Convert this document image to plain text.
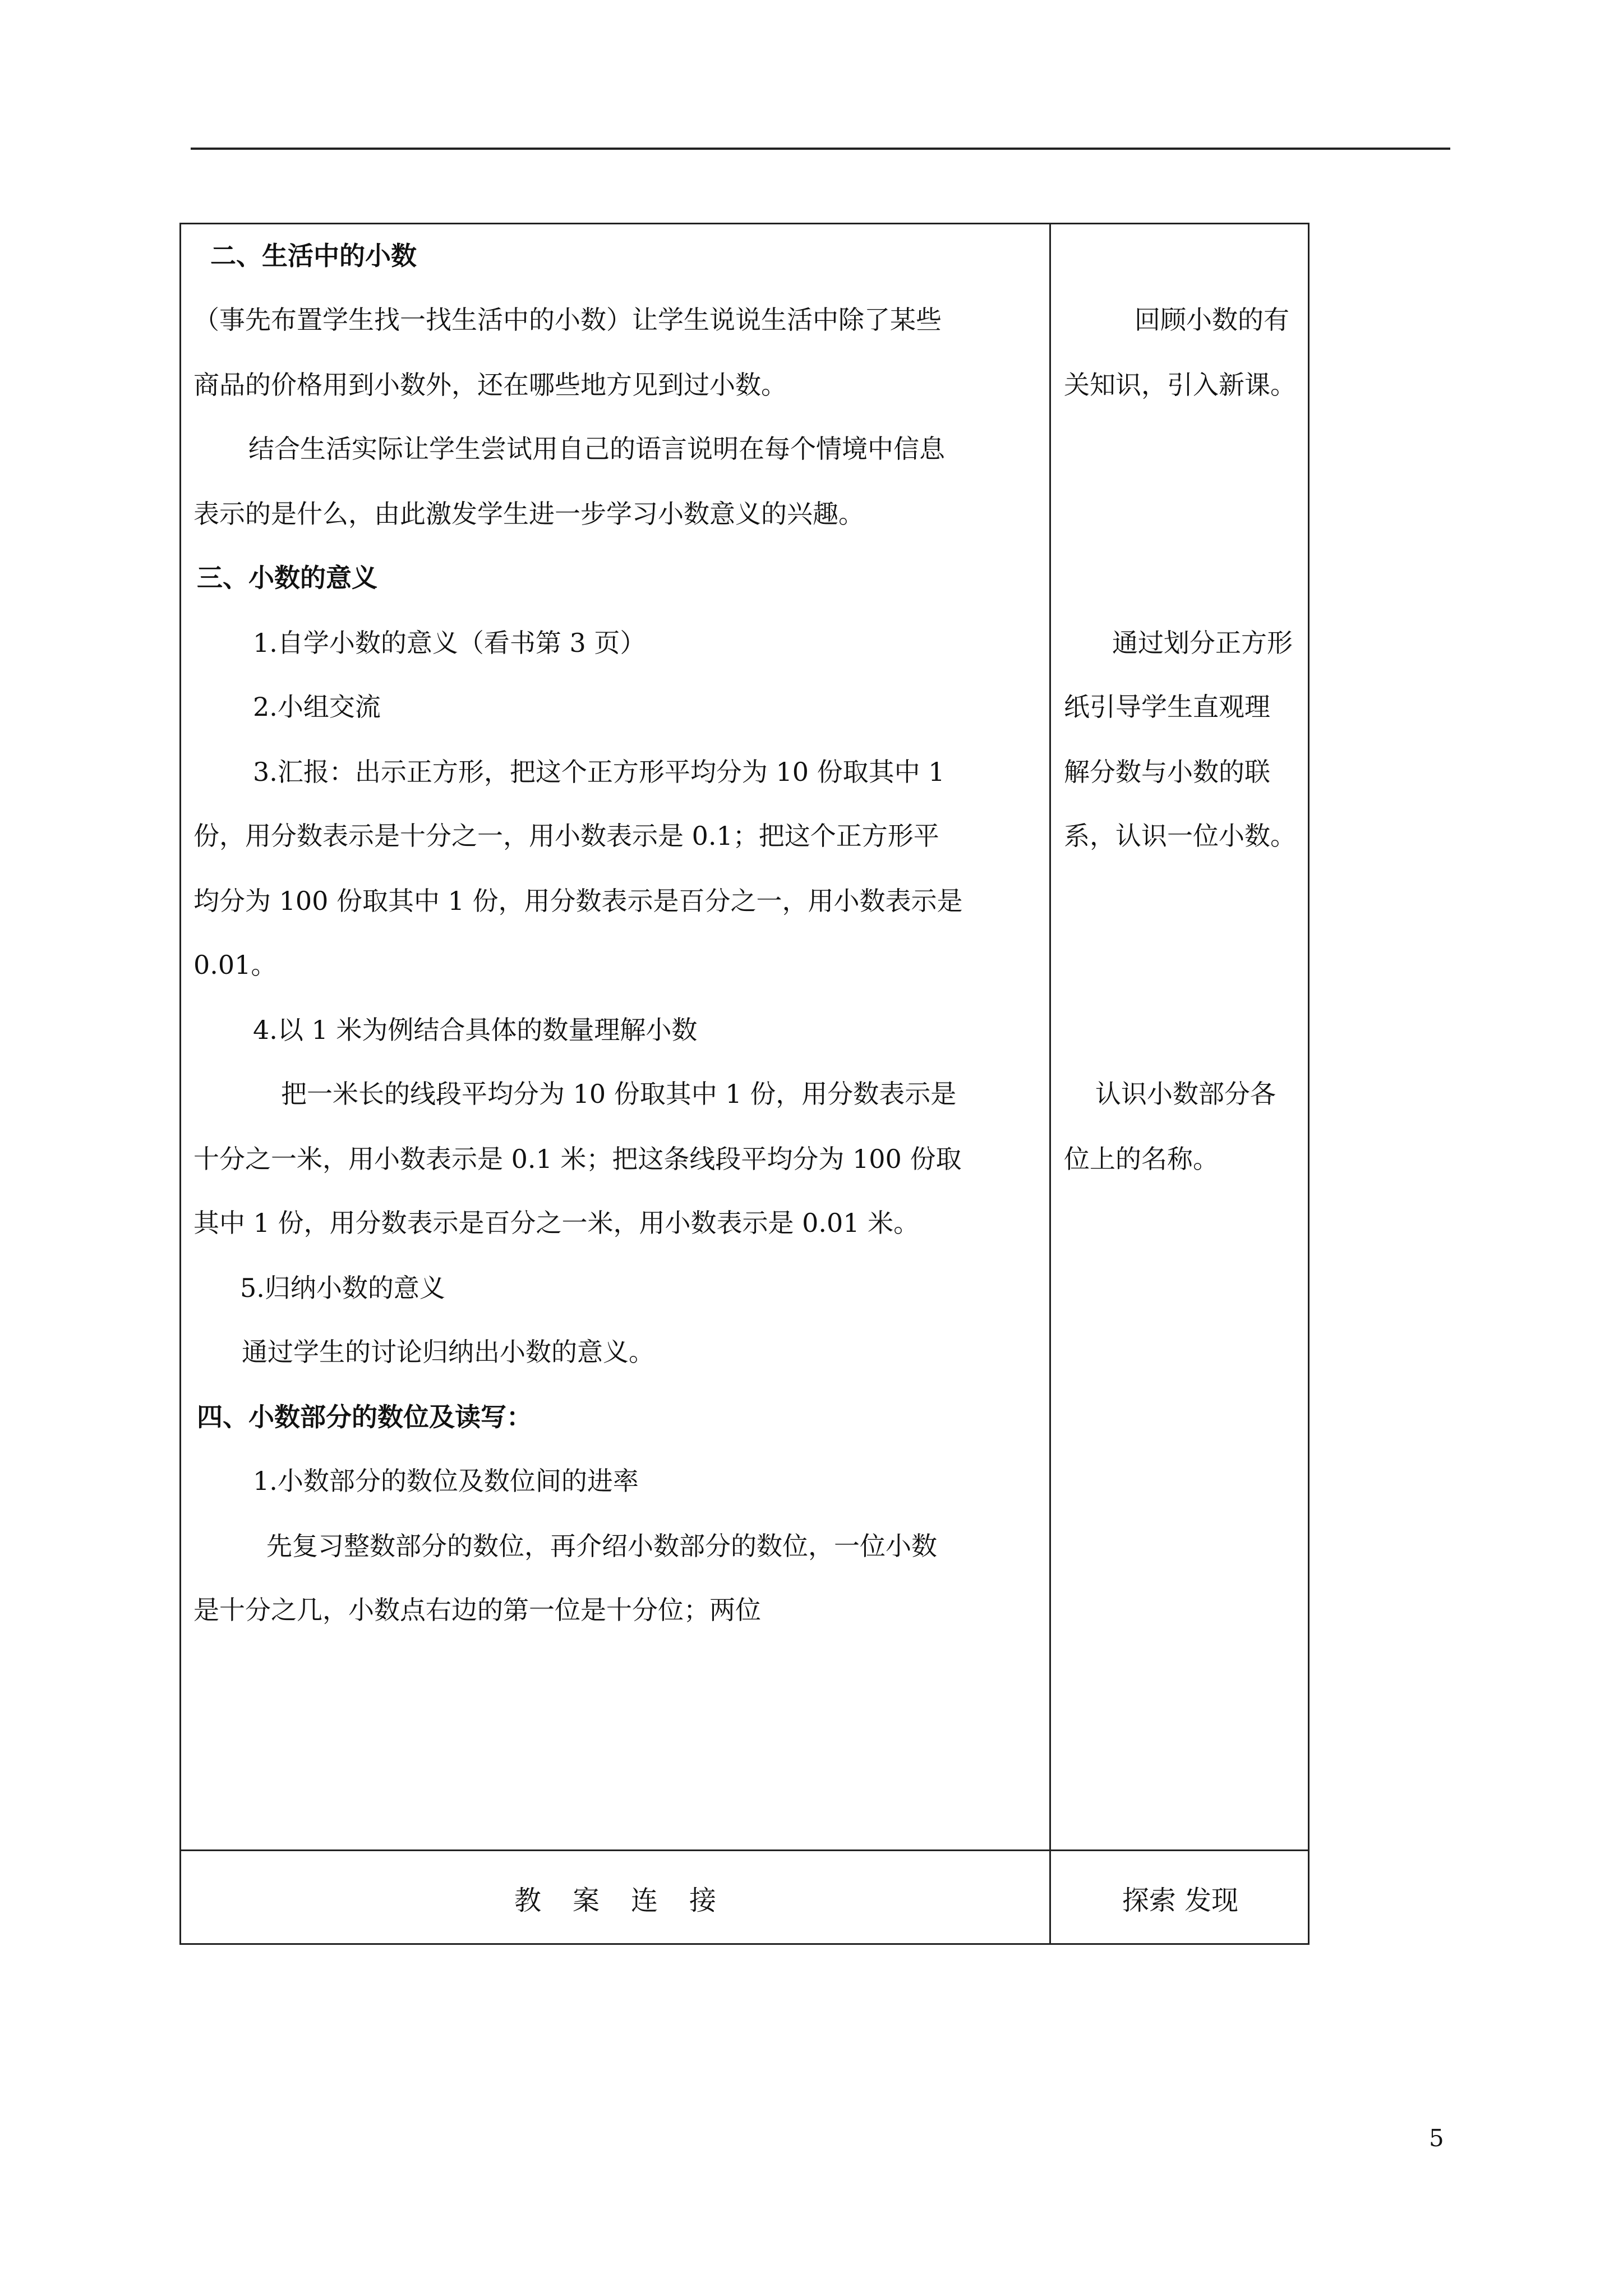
二、生活中的小数
（事先布置学生找一找生活中的小数）让学生说说生活中除了某些
商品的价格用到小数外，还在哪些地方见到过小数。
结合生活实际让学生尝试用自己的语言说明在每个情境中信息
表示的是什么，由此激发学生进一步学习小数意义的兴趣。
三、小数的意义
1.自学小数的意义（看书第 3 页）
2.小组交流
3.汇报：出示正方形，把这个正方形平均分为 10 份取其中 1
份，用分数表示是十分之一，用小数表示是 0.1；把这个正方形平
均分为 100 份取其中 1 份，用分数表示是百分之一，用小数表示是
0.01。
4.以 1 米为例结合具体的数量理解小数
把一米长的线段平均分为 10 份取其中 1 份，用分数表示是
十分之一米，用小数表示是 0.1 米；把这条线段平均分为 100 份取
其中 1 份，用分数表示是百分之一米，用小数表示是 0.01 米。
5.归纳小数的意义
通过学生的讨论归纳出小数的意义。
四、小数部分的数位及读写：
1.小数部分的数位及数位间的进率
先复习整数部分的数位，再介绍小数部分的数位，一位小数
是十分之几，小数点右边的第一位是十分位；两位
回顾小数的有
关知识，引入新课。
通过划分正方形
纸引导学生直观理
解分数与小数的联
系，认识一位小数。
认识小数部分各
位上的名称。
教案连接	探索 发现
5
